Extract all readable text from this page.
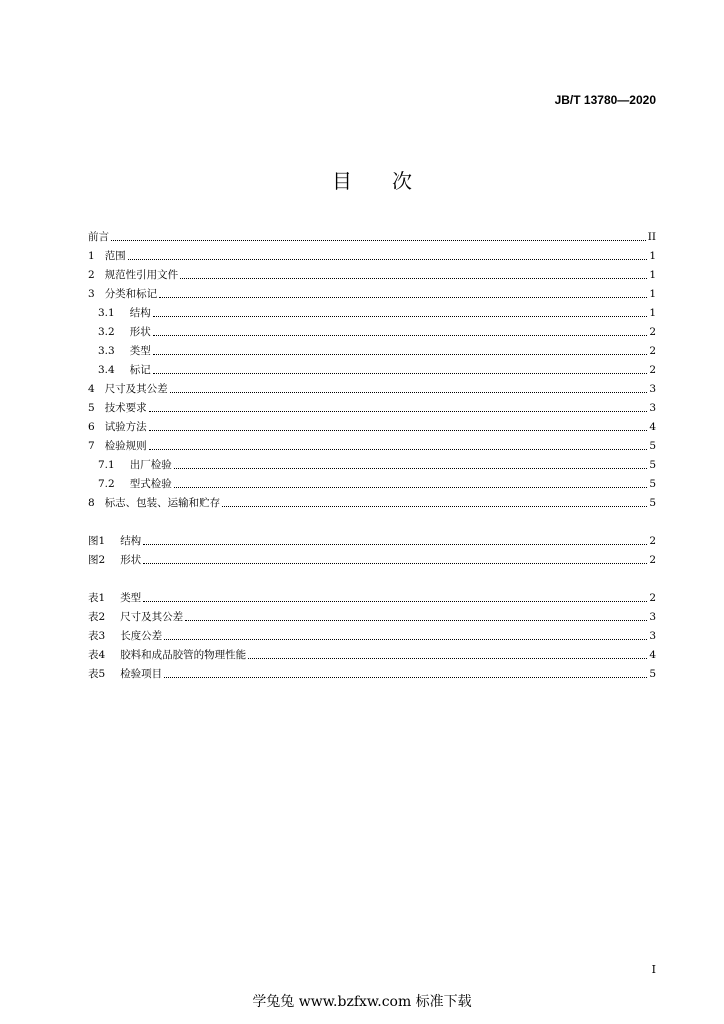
JB/T 13780—2020
目　　次
前言	II
1 范围	1
2 规范性引用文件	1
3 分类和标记	1
3.1 结构	1
3.2 形状	2
3.3 类型	2
3.4 标记	2
4 尺寸及其公差	3
5 技术要求	3
6 试验方法	4
7 检验规则	5
7.1 出厂检验	5
7.2 型式检验	5
8 标志、包装、运输和贮存	5
图1 结构	2
图2 形状	2
表1 类型	2
表2 尺寸及其公差	3
表3 长度公差	3
表4 胶料和成品胶管的物理性能	4
表5 检验项目	5
I
学兔兔 www.bzfxw.com 标准下载
